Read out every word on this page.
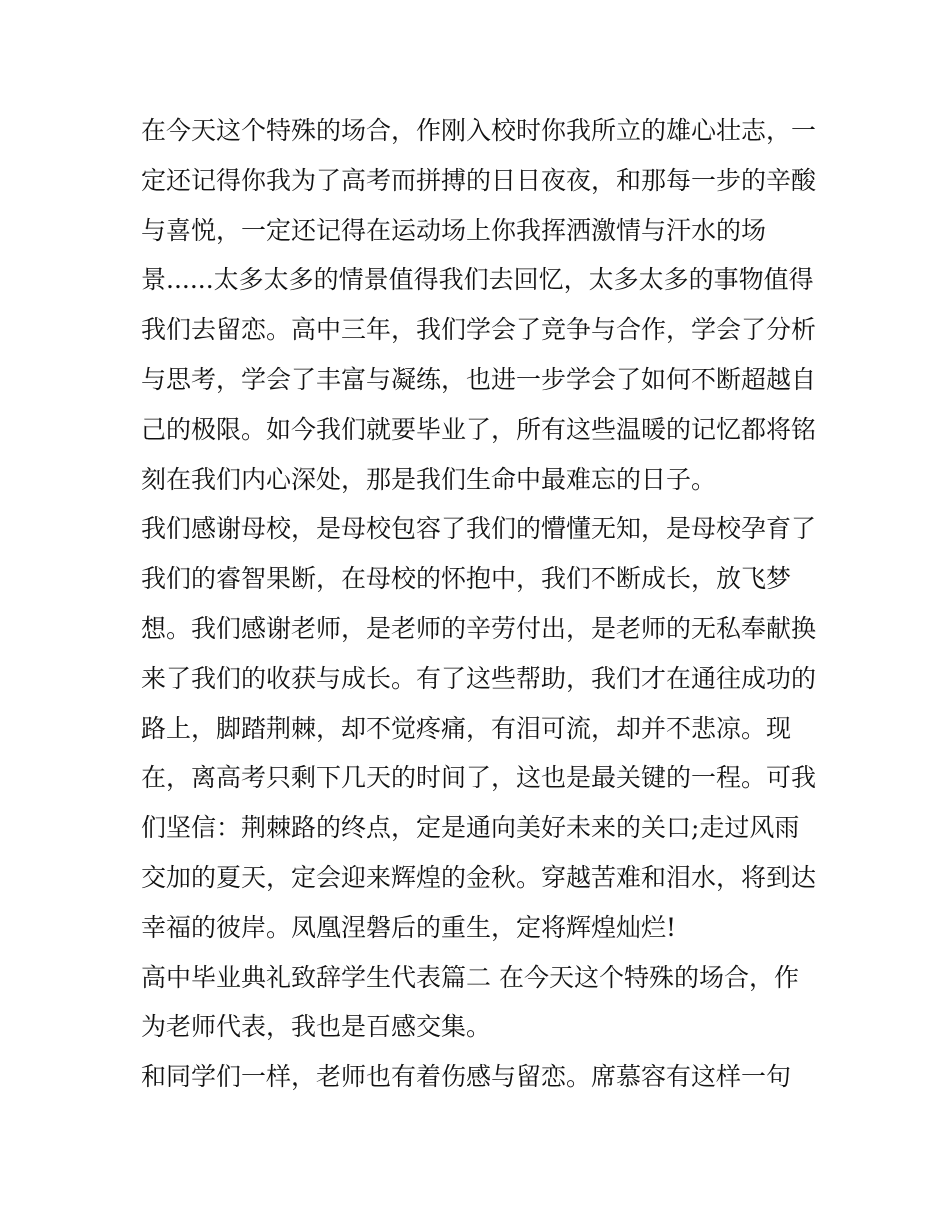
在今天这个特殊的场合，作刚入校时你我所立的雄心壮志，一
定还记得你我为了高考而拼搏的日日夜夜，和那每一步的辛酸
与喜悦，一定还记得在运动场上你我挥洒激情与汗水的场
景......太多太多的情景值得我们去回忆，太多太多的事物值得
我们去留恋。高中三年，我们学会了竞争与合作，学会了分析
与思考，学会了丰富与凝练，也进一步学会了如何不断超越自
己的极限。如今我们就要毕业了，所有这些温暖的记忆都将铭
刻在我们内心深处，那是我们生命中最难忘的日子。
我们感谢母校，是母校包容了我们的懵懂无知，是母校孕育了
我们的睿智果断，在母校的怀抱中，我们不断成长，放飞梦
想。我们感谢老师，是老师的辛劳付出，是老师的无私奉献换
来了我们的收获与成长。有了这些帮助，我们才在通往成功的
路上，脚踏荆棘，却不觉疼痛，有泪可流，却并不悲凉。现
在，离高考只剩下几天的时间了，这也是最关键的一程。可我
们坚信：荆棘路的终点，定是通向美好未来的关口;走过风雨
交加的夏天，定会迎来辉煌的金秋。穿越苦难和泪水，将到达
幸福的彼岸。凤凰涅磐后的重生，定将辉煌灿烂!
高中毕业典礼致辞学生代表篇二 在今天这个特殊的场合，作
为老师代表，我也是百感交集。
和同学们一样，老师也有着伤感与留恋。席慕容有这样一句
